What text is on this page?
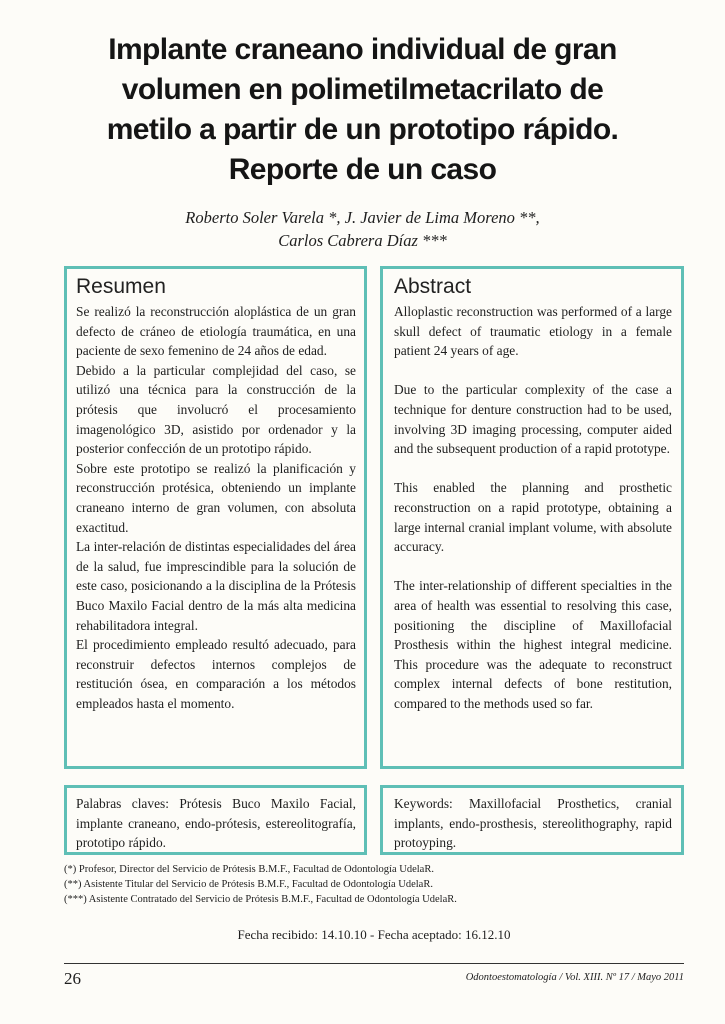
Implante craneano individual de gran
volumen en polimetilmetacrilato de
metilo a partir de un prototipo rápido.
Reporte de un caso
Roberto Soler Varela *, J. Javier de Lima Moreno **,
Carlos Cabrera Díaz ***
Resumen

Se realizó la reconstrucción aloplástica de un gran defecto de cráneo de etiología traumática, en una paciente de sexo femenino de 24 años de edad.

Debido a la particular complejidad del caso, se utilizó una técnica para la construcción de la prótesis que involucró el procesamiento imagenológico 3D, asistido por ordenador y la posterior confección de un prototipo rápido.

Sobre este prototipo se realizó la planificación y reconstrucción protésica, obteniendo un implante craneano interno de gran volumen, con absoluta exactitud.

La inter-relación de distintas especialidades del área de la salud, fue imprescindible para la solución de este caso, posicionando a la disciplina de la Prótesis Buco Maxilo Facial dentro de la más alta medicina rehabilitadora integral.

El procedimiento empleado resultó adecuado, para reconstruir defectos internos complejos de restitución ósea, en comparación a los métodos empleados hasta el momento.

Abstract

Alloplastic reconstruction was performed of a large skull defect of traumatic etiology in a female patient 24 years of age.

Due to the particular complexity of the case a technique for denture construction had to be used, involving 3D imaging processing, computer aided and the subsequent production of a rapid prototype.

This enabled the planning and prosthetic reconstruction on a rapid prototype, obtaining a large internal cranial implant volume, with absolute accuracy.

The inter-relationship of different specialties in the area of health was essential to resolving this case, positioning the discipline of Maxillofacial Prosthesis within the highest integral medicine. This procedure was the adequate to reconstruct complex internal defects of bone restitution, compared to the methods used so far.

Palabras claves: Prótesis Buco Maxilo Facial, implante craneano, endo-prótesis, estereolitografía, prototipo rápido.

Keywords: Maxillofacial Prosthetics, cranial implants, endo-prosthesis, stereolithography, rapid protoyping.

(*) Profesor, Director del Servicio de Prótesis B.M.F., Facultad de Odontología UdelaR.
(**) Asistente Titular del Servicio de Prótesis B.M.F., Facultad de Odontología UdelaR.
(***) Asistente Contratado del Servicio de Prótesis B.M.F., Facultad de Odontología UdelaR.
Fecha recibido: 14.10.10 - Fecha aceptado: 16.12.10
26	Odontoestomatología / Vol. XIII. Nº 17 / Mayo 2011
